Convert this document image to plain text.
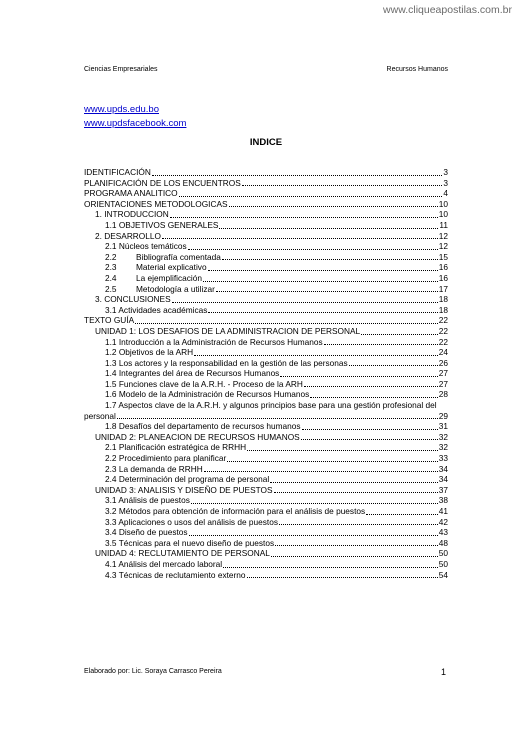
www.cliqueapostilas.com.br
Ciencias Empresariales	Recursos Humanos
www.upds.edu.bo
www.updsfacebook.com
INDICE
IDENTIFICACIÓN	3
PLANIFICACIÓN DE LOS ENCUENTROS	3
PROGRAMA ANALITICO	4
ORIENTACIONES METODOLOGICAS	10
1. INTRODUCCION	10
1.1 OBJETIVOS GENERALES	11
2. DESARROLLO	12
2.1 Núcleos temáticos	12
2.2 Bibliografía comentada	15
2.3 Material explicativo	16
2.4 La ejemplificación	16
2.5 Metodología a utilizar	17
3. CONCLUSIONES	18
3.1 Actividades académicas	18
TEXTO GUÍA	22
UNIDAD 1: LOS DESAFIOS DE LA ADMINISTRACION DE PERSONAL	22
1.1 Introducción a la Administración de Recursos Humanos	22
1.2 Objetivos de la ARH	24
1.3 Los actores y la responsabilidad en la gestión de las personas	26
1.4 Integrantes del área de Recursos Humanos	27
1.5 Funciones clave de la A.R.H. - Proceso de la ARH	27
1.6 Modelo de la Administración de Recursos Humanos	28
1.7 Aspectos clave de la A.R.H. y algunos principios base para una gestión profesional del
personal	29
1.8 Desafíos del departamento de recursos humanos	31
UNIDAD 2: PLANEACION DE RECURSOS HUMANOS	32
2.1 Planificación estratégica de RRHH	32
2.2 Procedimiento para planificar	33
2.3 La demanda de RRHH	34
2.4 Determinación del programa de personal	34
UNIDAD 3: ANALISIS Y DISEÑO DE PUESTOS	37
3.1 Análisis de puestos	38
3.2 Métodos para obtención de información para el análisis de puestos	41
3.3 Aplicaciones o usos del análisis de puestos	42
3.4 Diseño de puestos	43
3.5 Técnicas para el nuevo diseño de puestos	48
UNIDAD 4: RECLUTAMIENTO DE PERSONAL	50
4.1 Análisis del mercado laboral	50
4.3 Técnicas de reclutamiento externo	54
Elaborado por: Lic. Soraya Carrasco Pereira	1
